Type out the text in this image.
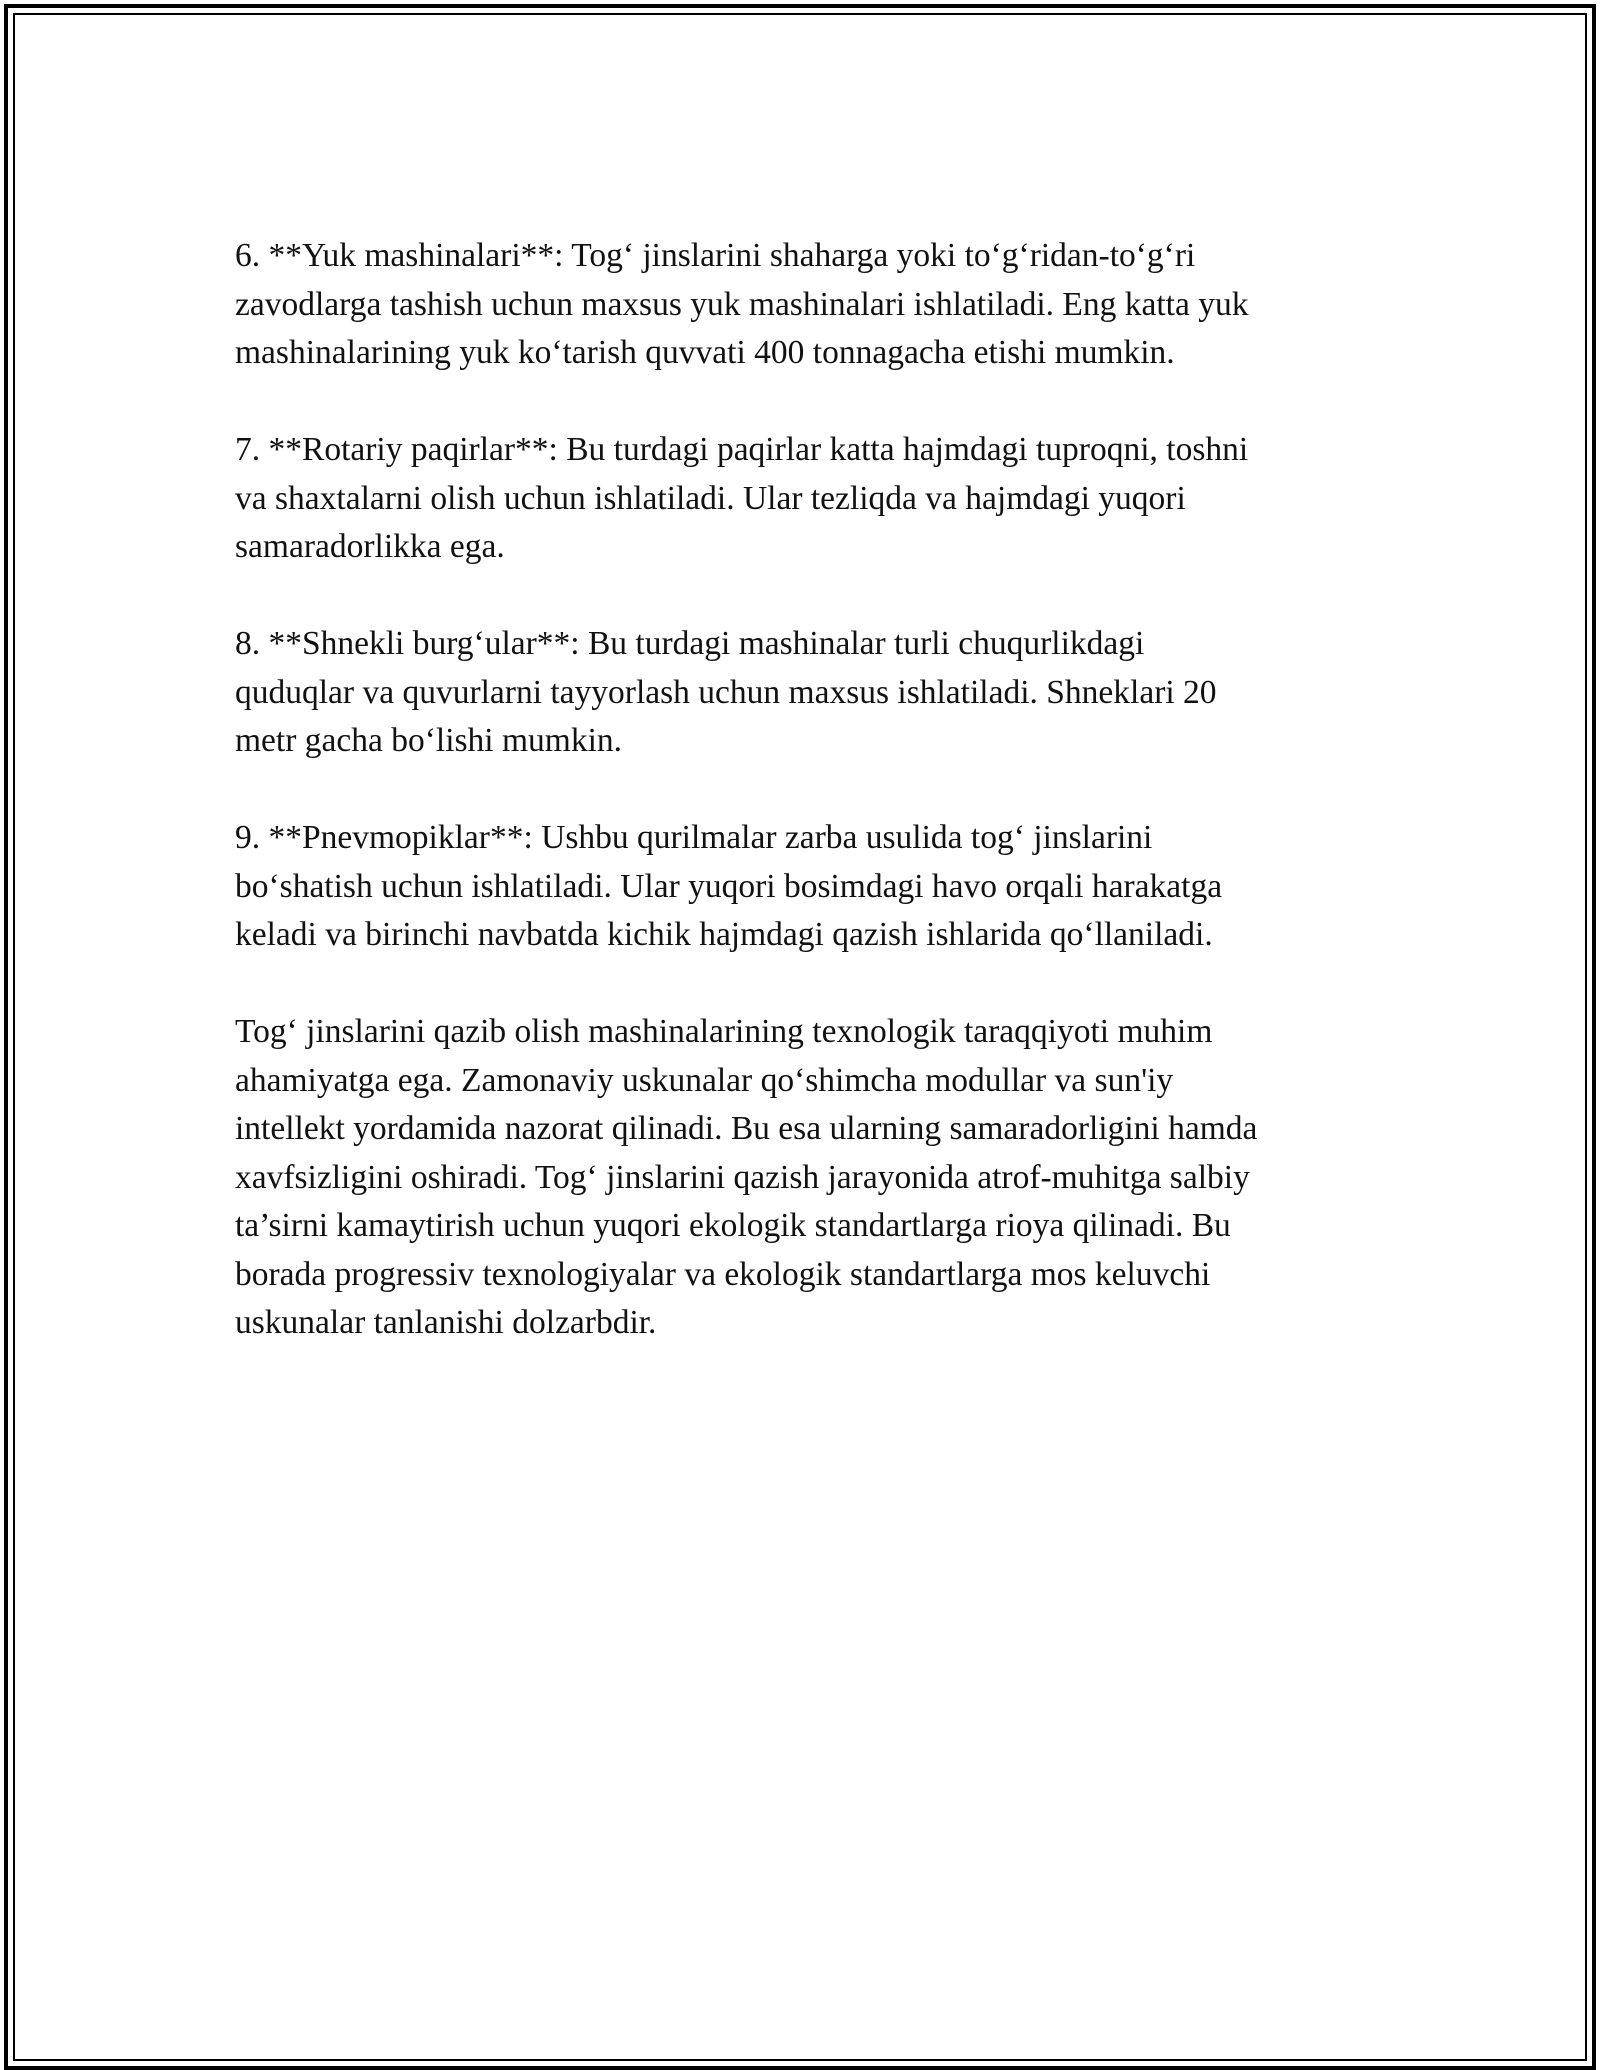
6. **Yuk mashinalari**: Tog‘ jinslarini shaharga yoki to‘g‘ridan-to‘g‘ri
zavodlarga tashish uchun maxsus yuk mashinalari ishlatiladi. Eng katta yuk
mashinalarining yuk ko‘tarish quvvati 400 tonnagacha etishi mumkin.

7. **Rotariy paqirlar**: Bu turdagi paqirlar katta hajmdagi tuproqni, toshni
va shaxtalarni olish uchun ishlatiladi. Ular tezliqda va hajmdagi yuqori
samaradorlikka ega.

8. **Shnekli burg‘ular**: Bu turdagi mashinalar turli chuqurlikdagi
quduqlar va quvurlarni tayyorlash uchun maxsus ishlatiladi. Shneklari 20
metr gacha bo‘lishi mumkin.

9. **Pnevmopiklar**: Ushbu qurilmalar zarba usulida tog‘ jinslarini
bo‘shatish uchun ishlatiladi. Ular yuqori bosimdagi havo orqali harakatga
keladi va birinchi navbatda kichik hajmdagi qazish ishlarida qo‘llaniladi.

Tog‘ jinslarini qazib olish mashinalarining texnologik taraqqiyoti muhim
ahamiyatga ega. Zamonaviy uskunalar qo‘shimcha modullar va sun'iy
intellekt yordamida nazorat qilinadi. Bu esa ularning samaradorligini hamda
xavfsizligini oshiradi. Tog‘ jinslarini qazish jarayonida atrof-muhitga salbiy
ta’sirni kamaytirish uchun yuqori ekologik standartlarga rioya qilinadi. Bu
borada progressiv texnologiyalar va ekologik standartlarga mos keluvchi
uskunalar tanlanishi dolzarbdir.
